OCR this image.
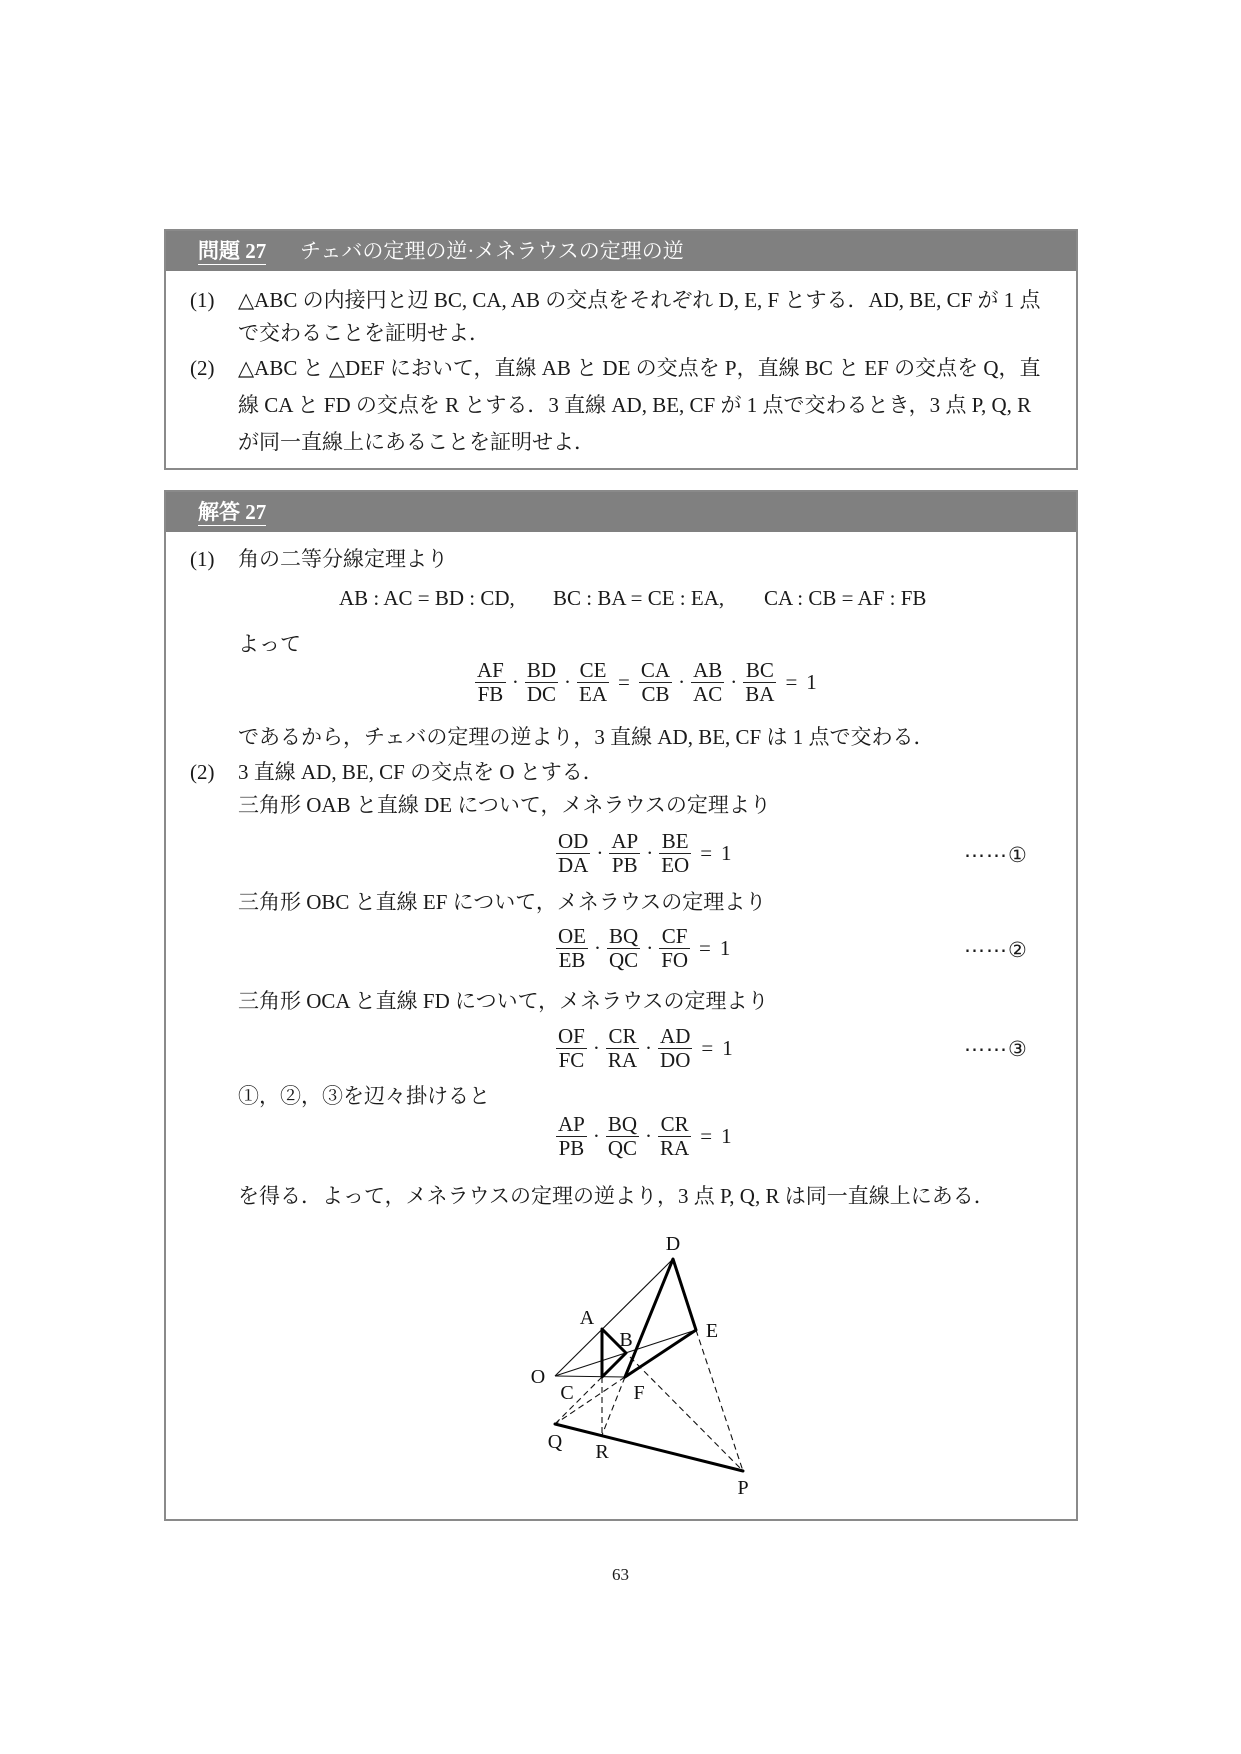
問題 27 チェバの定理の逆·メネラウスの定理の逆
(1) △ABC の内接円と辺 BC, CA, AB の交点をそれぞれ D, E, F とする．AD, BE, CF が 1 点
で交わることを証明せよ．
(2) △ABC と △DEF において，直線 AB と DE の交点を P，直線 BC と EF の交点を Q，直
線 CA と FD の交点を R とする．3 直線 AD, BE, CF が 1 点で交わるとき，3 点 P, Q, R
が同一直線上にあることを証明せよ．
解答 27
(1) 角の二等分線定理より
AB : AC = BD : CD, BC : BA = CE : EA, CA : CB = AF : FB
よって
$\frac{AF}{FB} \cdot \frac{BD}{DC} \cdot \frac{CE}{EA} = \frac{CA}{CB} \cdot \frac{AB}{AC} \cdot \frac{BC}{BA} = 1$
であるから，チェバの定理の逆より，3 直線 AD, BE, CF は 1 点で交わる．
(2) 3 直線 AD, BE, CF の交点を O とする．
三角形 OAB と直線 DE について，メネラウスの定理より
$\frac{OD}{DA} \cdot \frac{AP}{PB} \cdot \frac{BE}{EO} = 1$	⋯⋯①
三角形 OBC と直線 EF について，メネラウスの定理より
$\frac{OE}{EB} \cdot \frac{BQ}{QC} \cdot \frac{CF}{FO} = 1$	⋯⋯②
三角形 OCA と直線 FD について，メネラウスの定理より
$\frac{OF}{FC} \cdot \frac{CR}{RA} \cdot \frac{AD}{DO} = 1$	⋯⋯③
①，②，③を辺々掛けると
$\frac{AP}{PB} \cdot \frac{BQ}{QC} \cdot \frac{CR}{RA} = 1$
を得る．よって，メネラウスの定理の逆より，3 点 P, Q, R は同一直線上にある．
D
E
A
B
O
C	F
Q R
P
63
